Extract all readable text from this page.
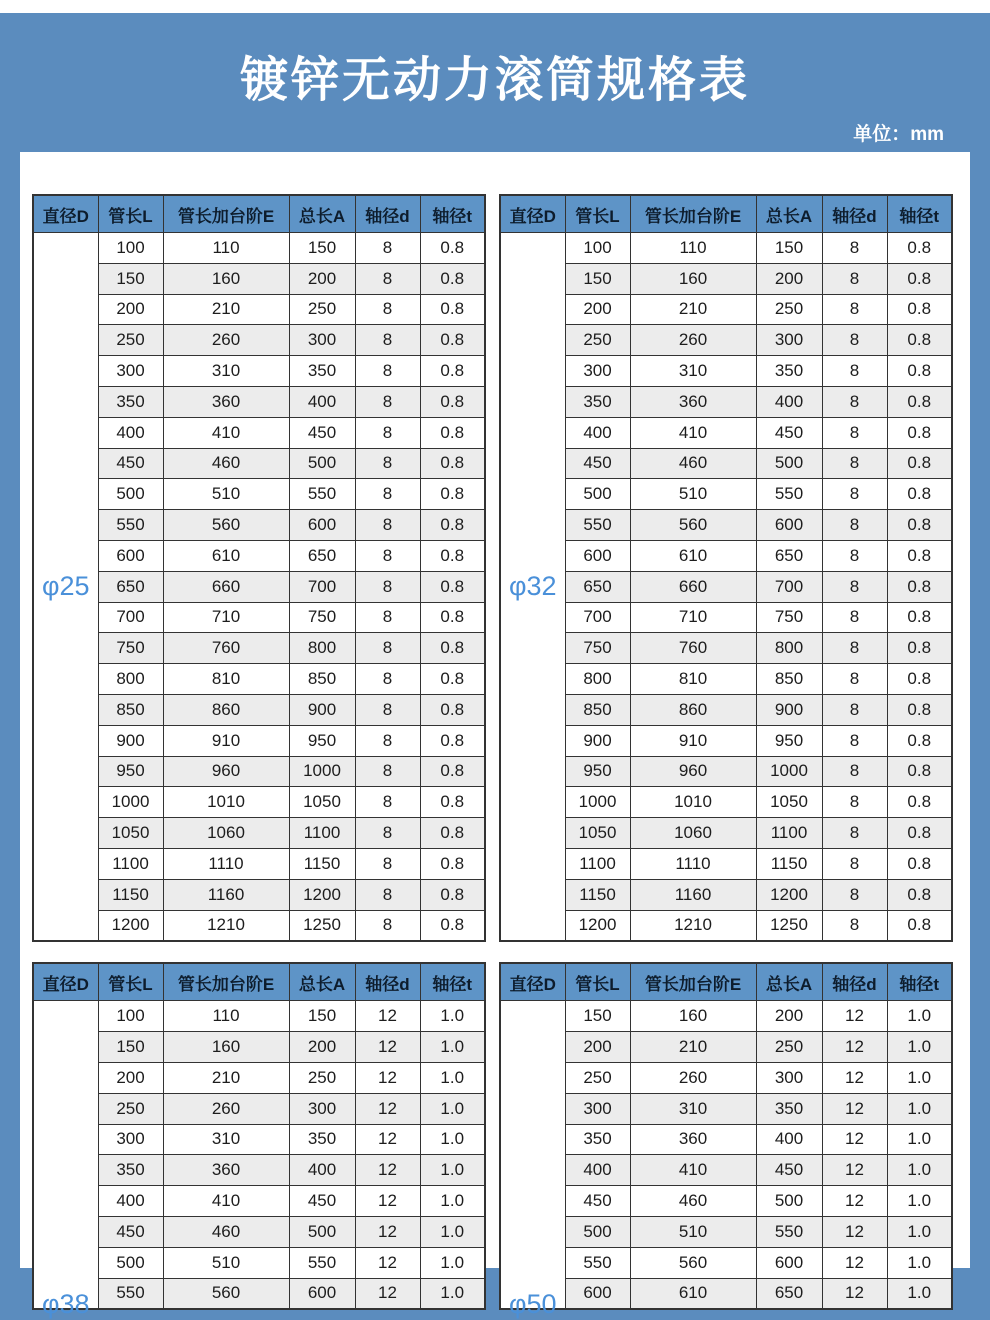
镀锌无动力滚筒规格表
单位：mm
直径D	管长L	管长加台阶E	总长A	轴径d	轴径t
φ25	100	110	150	8	0.8
	150	160	200	8	0.8
	200	210	250	8	0.8
	250	260	300	8	0.8
	300	310	350	8	0.8
	350	360	400	8	0.8
	400	410	450	8	0.8
	450	460	500	8	0.8
	500	510	550	8	0.8
	550	560	600	8	0.8
	600	610	650	8	0.8
	650	660	700	8	0.8
	700	710	750	8	0.8
	750	760	800	8	0.8
	800	810	850	8	0.8
	850	860	900	8	0.8
	900	910	950	8	0.8
	950	960	1000	8	0.8
	1000	1010	1050	8	0.8
	1050	1060	1100	8	0.8
	1100	1110	1150	8	0.8
	1150	1160	1200	8	0.8
	1200	1210	1250	8	0.8
直径D	管长L	管长加台阶E	总长A	轴径d	轴径t
φ32	100	110	150	8	0.8
	150	160	200	8	0.8
	200	210	250	8	0.8
	250	260	300	8	0.8
	300	310	350	8	0.8
	350	360	400	8	0.8
	400	410	450	8	0.8
	450	460	500	8	0.8
	500	510	550	8	0.8
	550	560	600	8	0.8
	600	610	650	8	0.8
	650	660	700	8	0.8
	700	710	750	8	0.8
	750	760	800	8	0.8
	800	810	850	8	0.8
	850	860	900	8	0.8
	900	910	950	8	0.8
	950	960	1000	8	0.8
	1000	1010	1050	8	0.8
	1050	1060	1100	8	0.8
	1100	1110	1150	8	0.8
	1150	1160	1200	8	0.8
	1200	1210	1250	8	0.8
直径D	管长L	管长加台阶E	总长A	轴径d	轴径t
φ38	100	110	150	12	1.0
	150	160	200	12	1.0
	200	210	250	12	1.0
	250	260	300	12	1.0
	300	310	350	12	1.0
	350	360	400	12	1.0
	400	410	450	12	1.0
	450	460	500	12	1.0
	500	510	550	12	1.0
	550	560	600	12	1.0
直径D	管长L	管长加台阶E	总长A	轴径d	轴径t
φ50	150	160	200	12	1.0
	200	210	250	12	1.0
	250	260	300	12	1.0
	300	310	350	12	1.0
	350	360	400	12	1.0
	400	410	450	12	1.0
	450	460	500	12	1.0
	500	510	550	12	1.0
	550	560	600	12	1.0
	600	610	650	12	1.0
